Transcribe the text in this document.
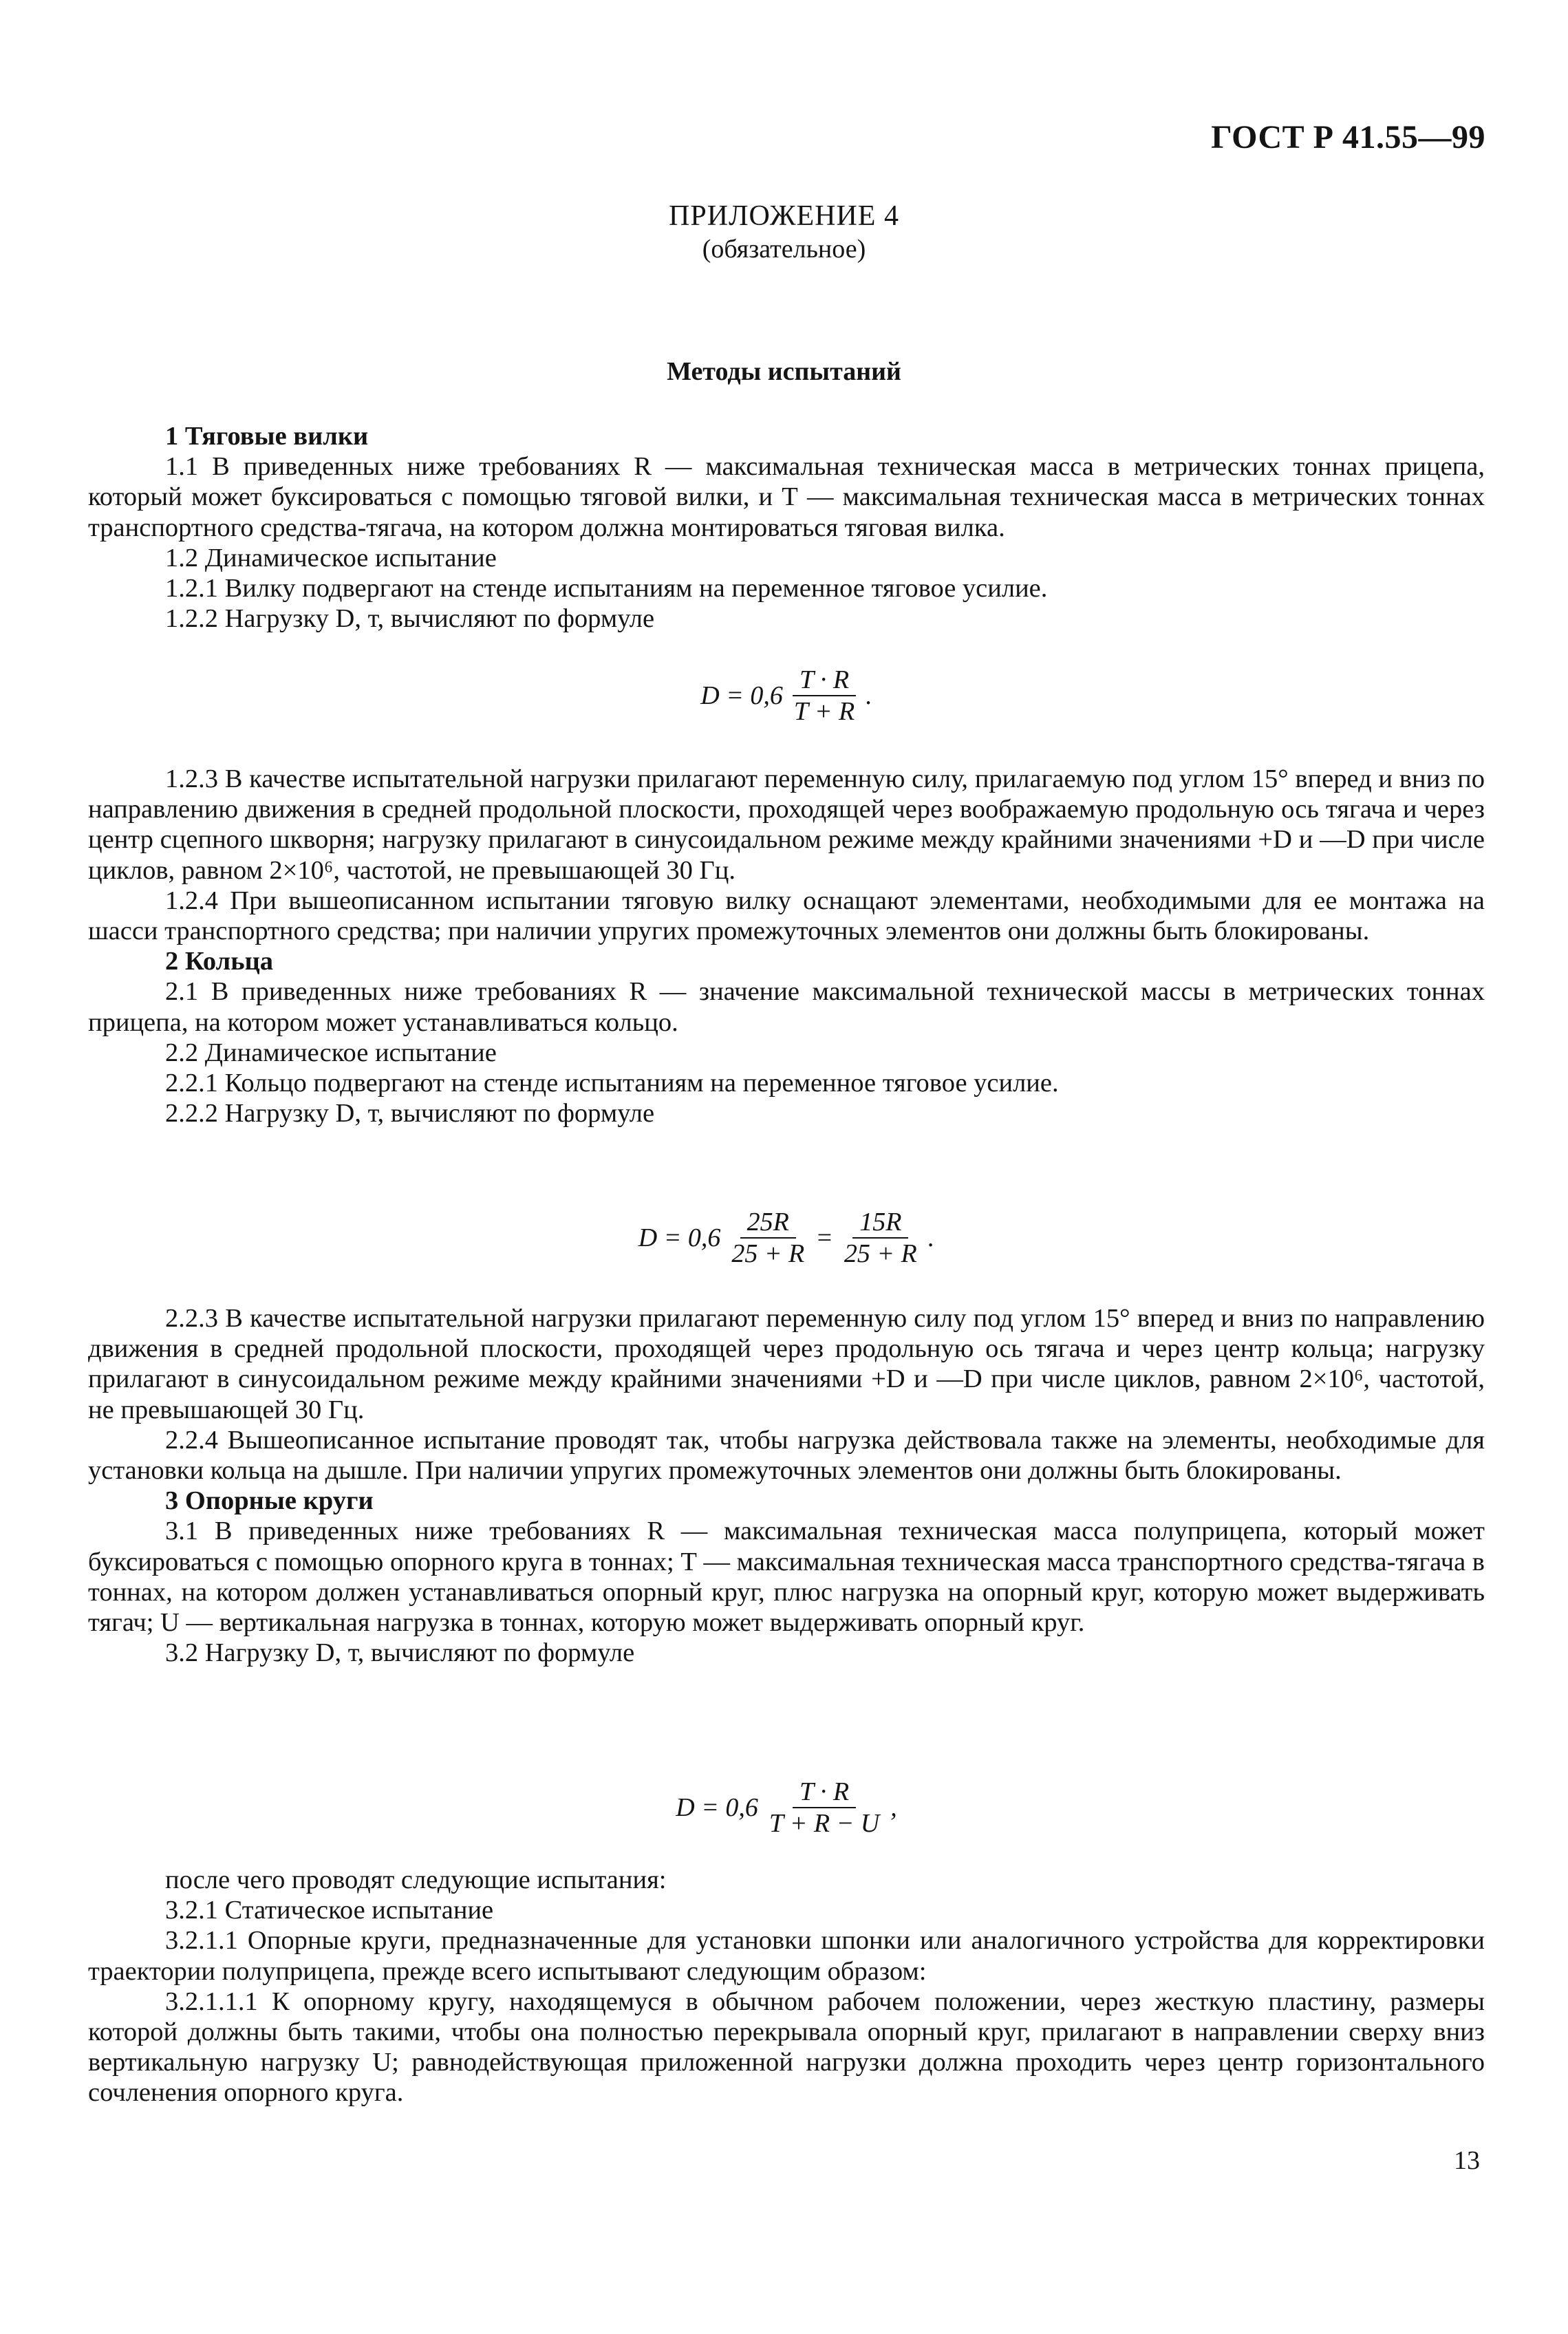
ГОСТ Р 41.55—99
ПРИЛОЖЕНИЕ 4
(обязательное)
Методы испытаний

1 Тяговые вилки

1.1 В приведенных ниже требованиях R — максимальная техническая масса в метрических тоннах прицепа, который может буксироваться с помощью тяговой вилки, и Т — максимальная техническая масса в метрических тоннах транспортного средства-тягача, на котором должна монтироваться тяговая вилка.

1.2 Динамическое испытание

1.2.1 Вилку подвергают на стенде испытаниям на переменное тяговое усилие.

1.2.2 Нагрузку D, т, вычисляют по формуле

$D = 0,6 \frac{T \cdot R}{T + R}$ .

1.2.3 В качестве испытательной нагрузки прилагают переменную силу, прилагаемую под углом 15° вперед и вниз по направлению движения в средней продольной плоскости, проходящей через воображаемую продольную ось тягача и через центр сцепного шкворня; нагрузку прилагают в синусоидальном режиме между крайними значениями +D и —D при числе циклов, равном 2×10⁶, частотой, не превышающей 30 Гц.

1.2.4 При вышеописанном испытании тяговую вилку оснащают элементами, необходимыми для ее монтажа на шасси транспортного средства; при наличии упругих промежуточных элементов они должны быть блокированы.

2 Кольца

2.1 В приведенных ниже требованиях R — значение максимальной технической массы в метрических тоннах прицепа, на котором может устанавливаться кольцо.

2.2 Динамическое испытание

2.2.1 Кольцо подвергают на стенде испытаниям на переменное тяговое усилие.

2.2.2 Нагрузку D, т, вычисляют по формуле

$D = 0,6 \frac{25R}{25 + R} = \frac{15R}{25 + R}$ .

2.2.3 В качестве испытательной нагрузки прилагают переменную силу под углом 15° вперед и вниз по направлению движения в средней продольной плоскости, проходящей через продольную ось тягача и через центр кольца; нагрузку прилагают в синусоидальном режиме между крайними значениями +D и —D при числе циклов, равном 2×10⁶, частотой, не превышающей 30 Гц.

2.2.4 Вышеописанное испытание проводят так, чтобы нагрузка действовала также на элементы, необходимые для установки кольца на дышле. При наличии упругих промежуточных элементов они должны быть блокированы.

3 Опорные круги

3.1 В приведенных ниже требованиях R — максимальная техническая масса полуприцепа, который может буксироваться с помощью опорного круга в тоннах; Т — максимальная техническая масса транспортного средства-тягача в тоннах, на котором должен устанавливаться опорный круг, плюс нагрузка на опорный круг, которую может выдерживать тягач; U — вертикальная нагрузка в тоннах, которую может выдерживать опорный круг.

3.2 Нагрузку D, т, вычисляют по формуле

$D = 0,6 \frac{T \cdot R}{T + R - U}$ ,

после чего проводят следующие испытания:

3.2.1 Статическое испытание

3.2.1.1 Опорные круги, предназначенные для установки шпонки или аналогичного устройства для корректировки траектории полуприцепа, прежде всего испытывают следующим образом:

3.2.1.1.1 К опорному кругу, находящемуся в обычном рабочем положении, через жесткую пластину, размеры которой должны быть такими, чтобы она полностью перекрывала опорный круг, прилагают в направлении сверху вниз вертикальную нагрузку U; равнодействующая приложенной нагрузки должна проходить через центр горизонтального сочленения опорного круга.

13
